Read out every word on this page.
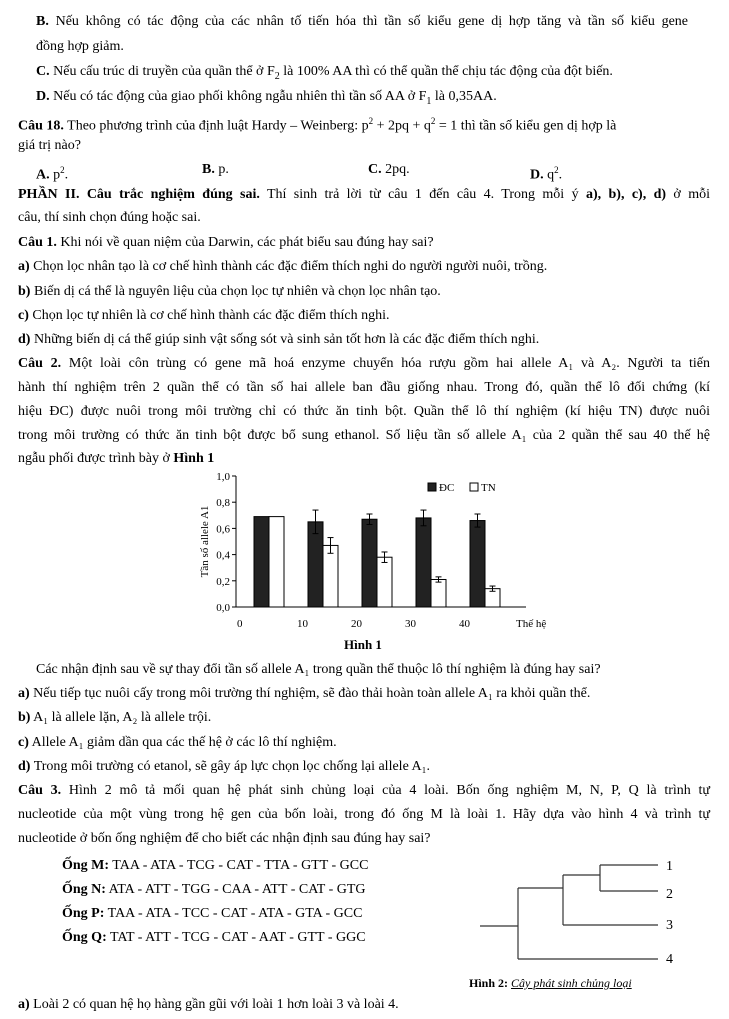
B. Nếu không có tác động của các nhân tố tiến hóa thì tần số kiểu gene dị hợp tăng và tần số kiểu gene
đồng hợp giảm.
C. Nếu cấu trúc di truyền của quần thể ở $F_2$ là 100% AA thì có thể quần thể chịu tác động của đột biến.
D. Nếu có tác động của giao phối không ngẫu nhiên thì tần số AA ở $F_1$ là 0,35AA.
Câu 18. Theo phương trình của định luật Hardy – Weinberg: $p^2 + 2pq + q^2 = 1$ thì tần số kiểu gen dị hợp là
giá trị nào?
A. $p^2$.	B. p.	C. 2pq.	D. $q^2$.
PHẦN II. Câu trắc nghiệm đúng sai. Thí sinh trả lời từ câu 1 đến câu 4. Trong mỗi ý a), b), c), d) ở mỗi
câu, thí sinh chọn đúng hoặc sai.
Câu 1. Khi nói về quan niệm của Darwin, các phát biểu sau đúng hay sai?
a) Chọn lọc nhân tạo là cơ chế hình thành các đặc điểm thích nghi do người người nuôi, trồng.
b) Biến dị cá thể là nguyên liệu của chọn lọc tự nhiên và chọn lọc nhân tạo.
c) Chọn lọc tự nhiên là cơ chế hình thành các đặc điểm thích nghi.
d) Những biến dị cá thể giúp sinh vật sống sót và sinh sản tốt hơn là các đặc điểm thích nghi.
Câu 2. Một loài côn trùng có gene mã hoá enzyme chuyển hóa rượu gồm hai allele A₁ và A₂. Người ta tiến
hành thí nghiệm trên 2 quần thể có tần số hai allele ban đầu giống nhau. Trong đó, quần thể lô đối chứng (kí
hiệu ĐC) được nuôi trong môi trường chỉ có thức ăn tinh bột. Quần thể lô thí nghiệm (kí hiệu TN) được nuôi
trong môi trường có thức ăn tinh bột được bổ sung ethanol. Số liệu tần số allele A₁ của 2 quần thể sau 40 thế hệ
ngẫu phối được trình bày ở Hình 1
0,0
0,2
0,4
0,6
0,8
1,0
Tần số allele A1
0	10	20	30	40	Thế hệ
ĐC TN
Hình 1
Các nhận định sau về sự thay đổi tần số allele A₁ trong quần thể thuộc lô thí nghiệm là đúng hay sai?
a) Nếu tiếp tục nuôi cấy trong môi trường thí nghiệm, sẽ đào thải hoàn toàn allele A₁ ra khỏi quần thể.
b) A₁ là allele lặn, A₂ là allele trội.
c) Allele A₁ giảm dần qua các thế hệ ở các lô thí nghiệm.
d) Trong môi trường có etanol, sẽ gây áp lực chọn lọc chống lại allele A₁.
Câu 3. Hình 2 mô tả mối quan hệ phát sinh chủng loại của 4 loài. Bốn ống nghiệm M, N, P, Q là trình tự
nucleotide của một vùng trong hệ gen của bốn loài, trong đó ống M là loài 1. Hãy dựa vào hình 4 và trình tự
nucleotide ở bốn ống nghiệm để cho biết các nhận định sau đúng hay sai?
Ống M: TAA - ATA - TCG - CAT - TTA - GTT - GCC
Ống N: ATA - ATT - TGG - CAA - ATT - CAT - GTG
Ống P: TAA - ATA - TCC - CAT - ATA - GTA - GCC
Ống Q: TAT - ATT - TCG - CAT - AAT - GTT - GGC
1
2
3
4
Hình 2: Cây phát sinh chủng loại
a) Loài 2 có quan hệ họ hàng gần gũi với loài 1 hơn loài 3 và loài 4.
